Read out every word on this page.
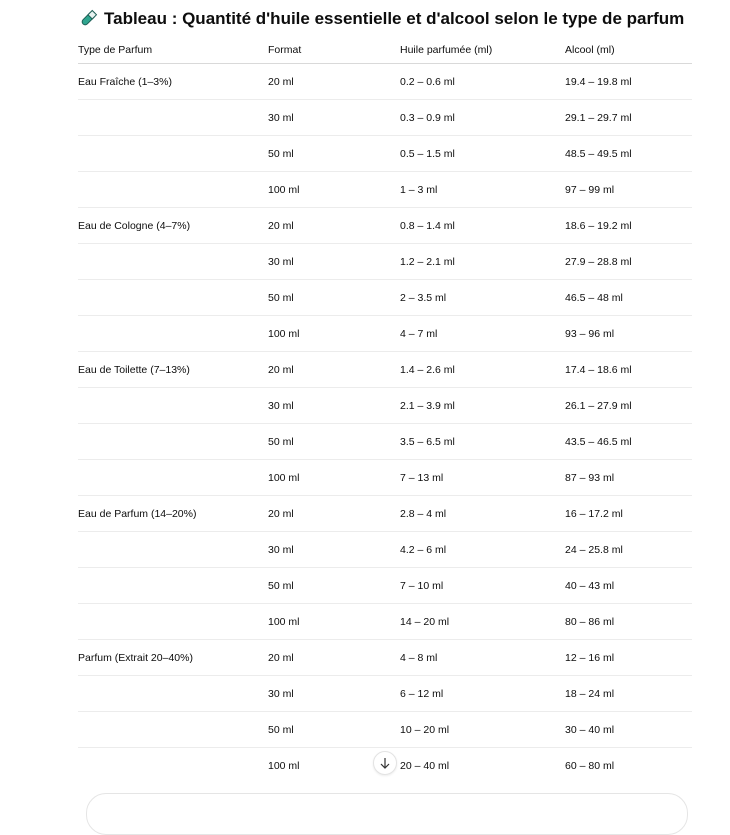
Tableau : Quantité d'huile essentielle et d'alcool selon le type de parfum
Type de Parfum	Format	Huile parfumée (ml)	Alcool (ml)
Eau Fraîche (1–3%)	20 ml	0.2 – 0.6 ml	19.4 – 19.8 ml
	30 ml	0.3 – 0.9 ml	29.1 – 29.7 ml
	50 ml	0.5 – 1.5 ml	48.5 – 49.5 ml
	100 ml	1 – 3 ml	97 – 99 ml
Eau de Cologne (4–7%)	20 ml	0.8 – 1.4 ml	18.6 – 19.2 ml
	30 ml	1.2 – 2.1 ml	27.9 – 28.8 ml
	50 ml	2 – 3.5 ml	46.5 – 48 ml
	100 ml	4 – 7 ml	93 – 96 ml
Eau de Toilette (7–13%)	20 ml	1.4 – 2.6 ml	17.4 – 18.6 ml
	30 ml	2.1 – 3.9 ml	26.1 – 27.9 ml
	50 ml	3.5 – 6.5 ml	43.5 – 46.5 ml
	100 ml	7 – 13 ml	87 – 93 ml
Eau de Parfum (14–20%)	20 ml	2.8 – 4 ml	16 – 17.2 ml
	30 ml	4.2 – 6 ml	24 – 25.8 ml
	50 ml	7 – 10 ml	40 – 43 ml
	100 ml	14 – 20 ml	80 – 86 ml
Parfum (Extrait 20–40%)	20 ml	4 – 8 ml	12 – 16 ml
	30 ml	6 – 12 ml	18 – 24 ml
	50 ml	10 – 20 ml	30 – 40 ml
	100 ml	20 – 40 ml	60 – 80 ml
